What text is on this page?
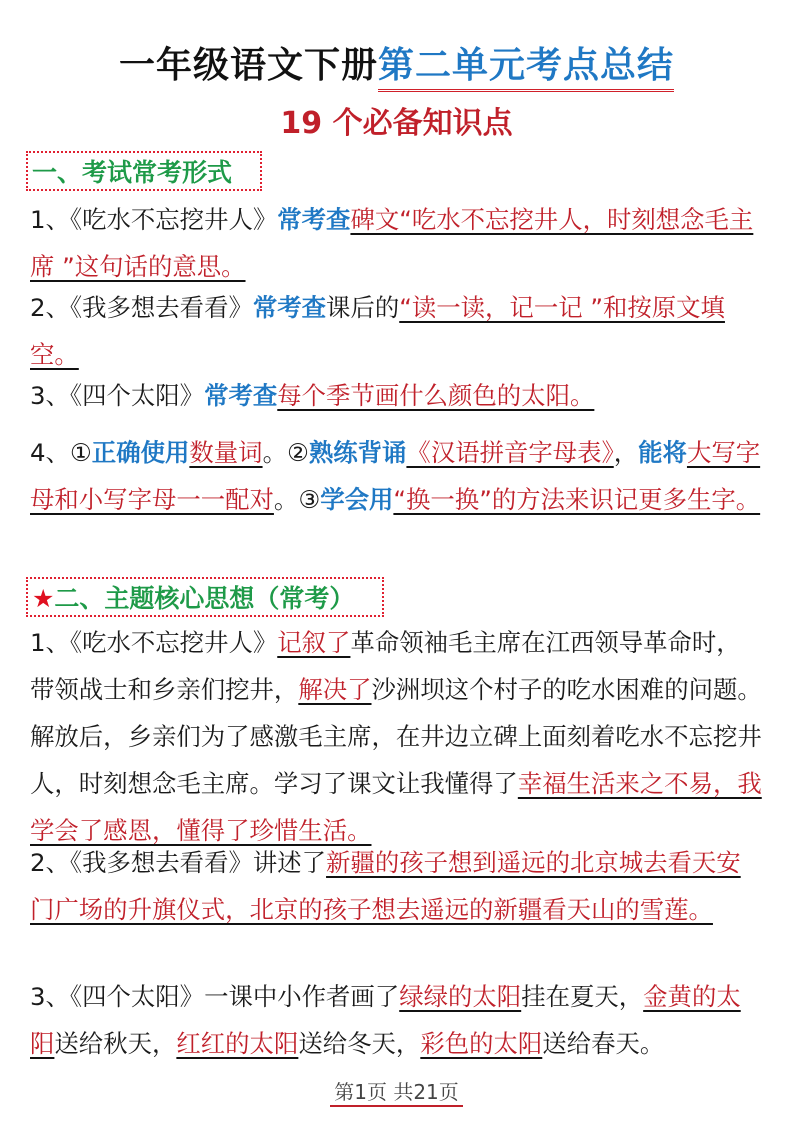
一年级语文下册第二单元考点总结
19 个必备知识点
一、考试常考形式
1、《吃水不忘挖井人》常考查碑文“吃水不忘挖井人，时刻想念毛主席 ”这句话的意思。
2、《我多想去看看》常考查课后的“读一读，记一记 ”和按原文填空。
3、《四个太阳》常考查每个季节画什么颜色的太阳。
4、①正确使用数量词。②熟练背诵《汉语拼音字母表》，能将大写字母和小写字母一一配对。③学会用“换一换”的方法来识记更多生字。
★二、主题核心思想（常考）
1、《吃水不忘挖井人》记叙了革命领袖毛主席在江西领导革命时，带领战士和乡亲们挖井，解决了沙洲坝这个村子的吃水困难的问题。解放后，乡亲们为了感激毛主席，在井边立碑上面刻着吃水不忘挖井人，时刻想念毛主席。学习了课文让我懂得了幸福生活来之不易，我学会了感恩，懂得了珍惜生活。
2、《我多想去看看》讲述了新疆的孩子想到遥远的北京城去看天安门广场的升旗仪式，北京的孩子想去遥远的新疆看天山的雪莲。
3、《四个太阳》一课中小作者画了绿绿的太阳挂在夏天，金黄的太阳送给秋天，红红的太阳送给冬天，彩色的太阳送给春天。
第1页 共21页
